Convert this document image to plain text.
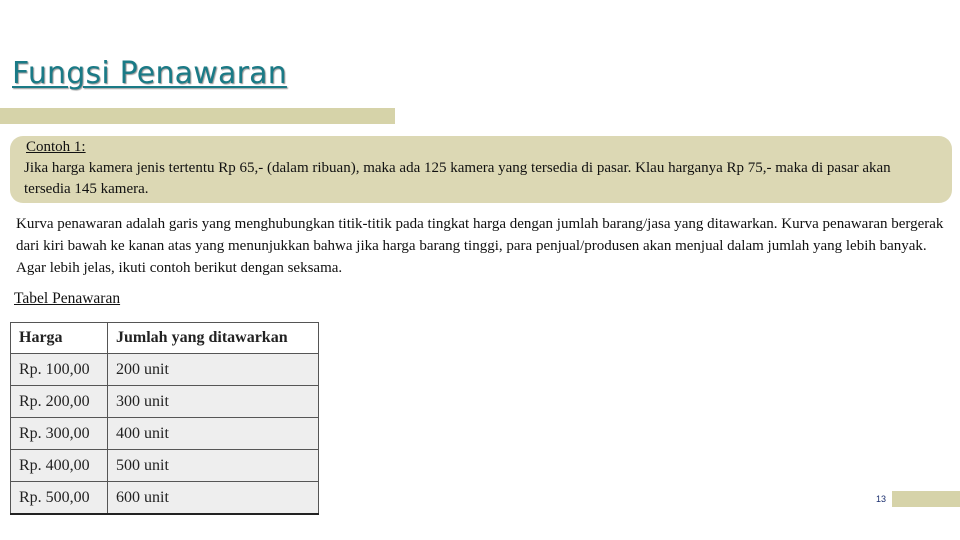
Fungsi Penawaran
Contoh 1:

Jika harga kamera jenis tertentu Rp 65,- (dalam ribuan), maka ada 125 kamera yang tersedia di pasar. Klau harganya Rp 75,- maka di pasar akan tersedia 145 kamera.

Kurva penawaran adalah garis yang menghubungkan titik-titik pada tingkat harga dengan jumlah barang/jasa yang ditawarkan. Kurva penawaran bergerak dari kiri bawah ke kanan atas yang menunjukkan bahwa jika harga barang tinggi, para penjual/produsen akan menjual dalam jumlah yang lebih banyak. Agar lebih jelas, ikuti contoh berikut dengan seksama.

Tabel Penawaran
Harga	Jumlah yang ditawarkan
Rp. 100,00	200 unit
Rp. 200,00	300 unit
Rp. 300,00	400 unit
Rp. 400,00	500 unit
Rp. 500,00	600 unit	13
